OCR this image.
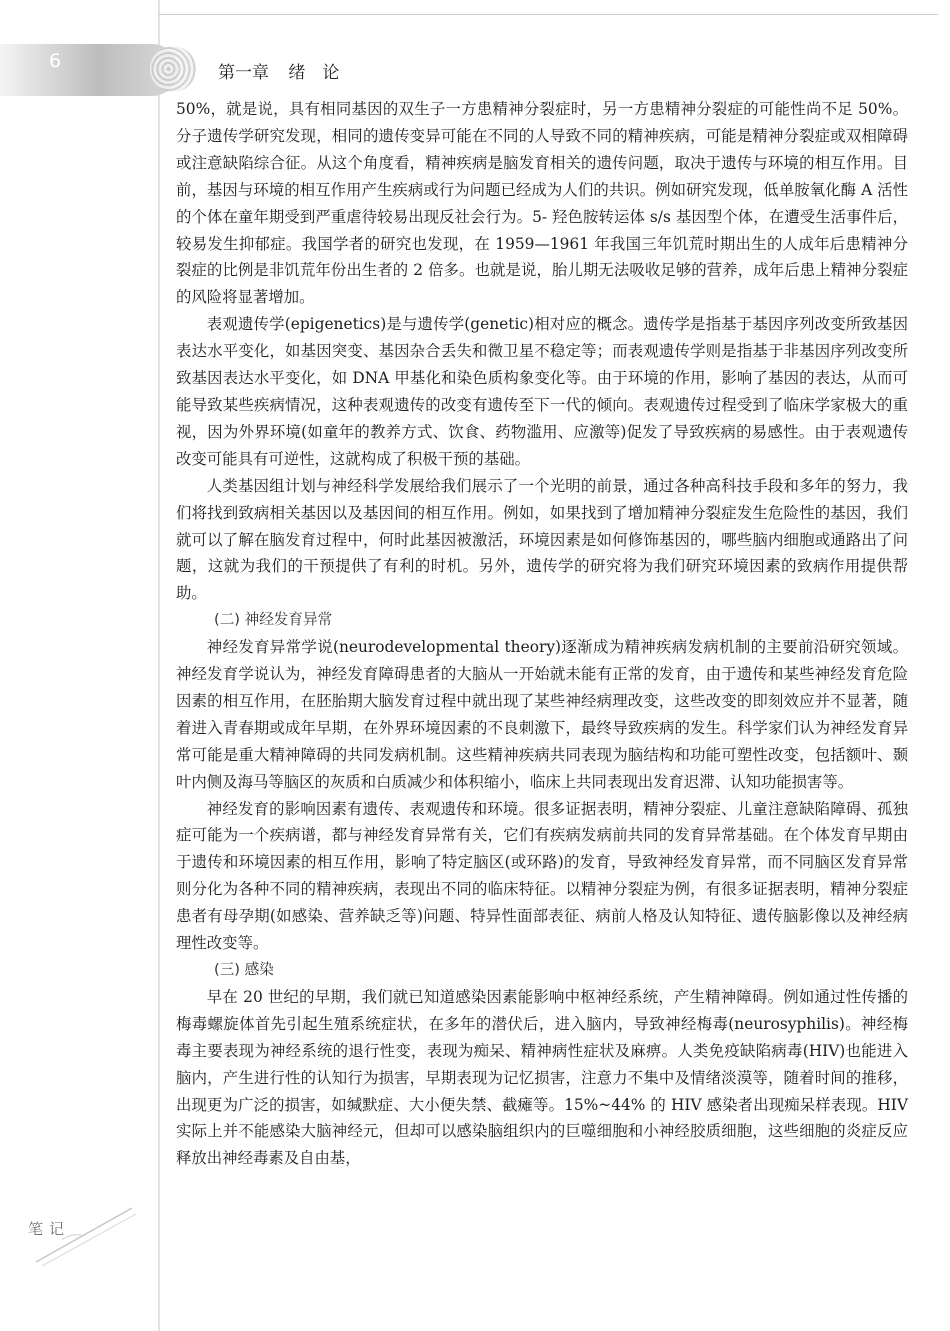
6
第一章 绪　论

50%，就是说，具有相同基因的双生子一方患精神分裂症时，另一方患精神分裂症的可能性尚不足 50%。分子遗传学研究发现，相同的遗传变异可能在不同的人导致不同的精神疾病，可能是精神分裂症或双相障碍或注意缺陷综合征。从这个角度看，精神疾病是脑发育相关的遗传问题，取决于遗传与环境的相互作用。目前，基因与环境的相互作用产生疾病或行为问题已经成为人们的共识。例如研究发现，低单胺氧化酶 A 活性的个体在童年期受到严重虐待较易出现反社会行为。5- 羟色胺转运体 s/s 基因型个体，在遭受生活事件后，较易发生抑郁症。我国学者的研究也发现，在 1959—1961 年我国三年饥荒时期出生的人成年后患精神分裂症的比例是非饥荒年份出生者的 2 倍多。也就是说，胎儿期无法吸收足够的营养，成年后患上精神分裂症的风险将显著增加。

表观遗传学(epigenetics)是与遗传学(genetic)相对应的概念。遗传学是指基于基因序列改变所致基因表达水平变化，如基因突变、基因杂合丢失和微卫星不稳定等；而表观遗传学则是指基于非基因序列改变所致基因表达水平变化，如 DNA 甲基化和染色质构象变化等。由于环境的作用，影响了基因的表达，从而可能导致某些疾病情况，这种表观遗传的改变有遗传至下一代的倾向。表观遗传过程受到了临床学家极大的重视，因为外界环境(如童年的教养方式、饮食、药物滥用、应激等)促发了导致疾病的易感性。由于表观遗传改变可能具有可逆性，这就构成了积极干预的基础。

人类基因组计划与神经科学发展给我们展示了一个光明的前景，通过各种高科技手段和多年的努力，我们将找到致病相关基因以及基因间的相互作用。例如，如果找到了增加精神分裂症发生危险性的基因，我们就可以了解在脑发育过程中，何时此基因被激活，环境因素是如何修饰基因的，哪些脑内细胞或通路出了问题，这就为我们的干预提供了有利的时机。另外，遗传学的研究将为我们研究环境因素的致病作用提供帮助。

(二) 神经发育异常

神经发育异常学说(neurodevelopmental theory)逐渐成为精神疾病发病机制的主要前沿研究领域。神经发育学说认为，神经发育障碍患者的大脑从一开始就未能有正常的发育，由于遗传和某些神经发育危险因素的相互作用，在胚胎期大脑发育过程中就出现了某些神经病理改变，这些改变的即刻效应并不显著，随着进入青春期或成年早期，在外界环境因素的不良刺激下，最终导致疾病的发生。科学家们认为神经发育异常可能是重大精神障碍的共同发病机制。这些精神疾病共同表现为脑结构和功能可塑性改变，包括额叶、颞叶内侧及海马等脑区的灰质和白质减少和体积缩小，临床上共同表现出发育迟滞、认知功能损害等。

神经发育的影响因素有遗传、表观遗传和环境。很多证据表明，精神分裂症、儿童注意缺陷障碍、孤独症可能为一个疾病谱，都与神经发育异常有关，它们有疾病发病前共同的发育异常基础。在个体发育早期由于遗传和环境因素的相互作用，影响了特定脑区(或环路)的发育，导致神经发育异常，而不同脑区发育异常则分化为各种不同的精神疾病，表现出不同的临床特征。以精神分裂症为例，有很多证据表明，精神分裂症患者有母孕期(如感染、营养缺乏等)问题、特异性面部表征、病前人格及认知特征、遗传脑影像以及神经病理性改变等。

(三) 感染

早在 20 世纪的早期，我们就已知道感染因素能影响中枢神经系统，产生精神障碍。例如通过性传播的梅毒螺旋体首先引起生殖系统症状，在多年的潜伏后，进入脑内，导致神经梅毒(neurosyphilis)。神经梅毒主要表现为神经系统的退行性变，表现为痴呆、精神病性症状及麻痹。人类免疫缺陷病毒(HIV)也能进入脑内，产生进行性的认知行为损害，早期表现为记忆损害，注意力不集中及情绪淡漠等，随着时间的推移，出现更为广泛的损害，如缄默症、大小便失禁、截瘫等。15%~44% 的 HIV 感染者出现痴呆样表现。HIV 实际上并不能感染大脑神经元，但却可以感染脑组织内的巨噬细胞和小神经胶质细胞，这些细胞的炎症反应释放出神经毒素及自由基，

笔记
